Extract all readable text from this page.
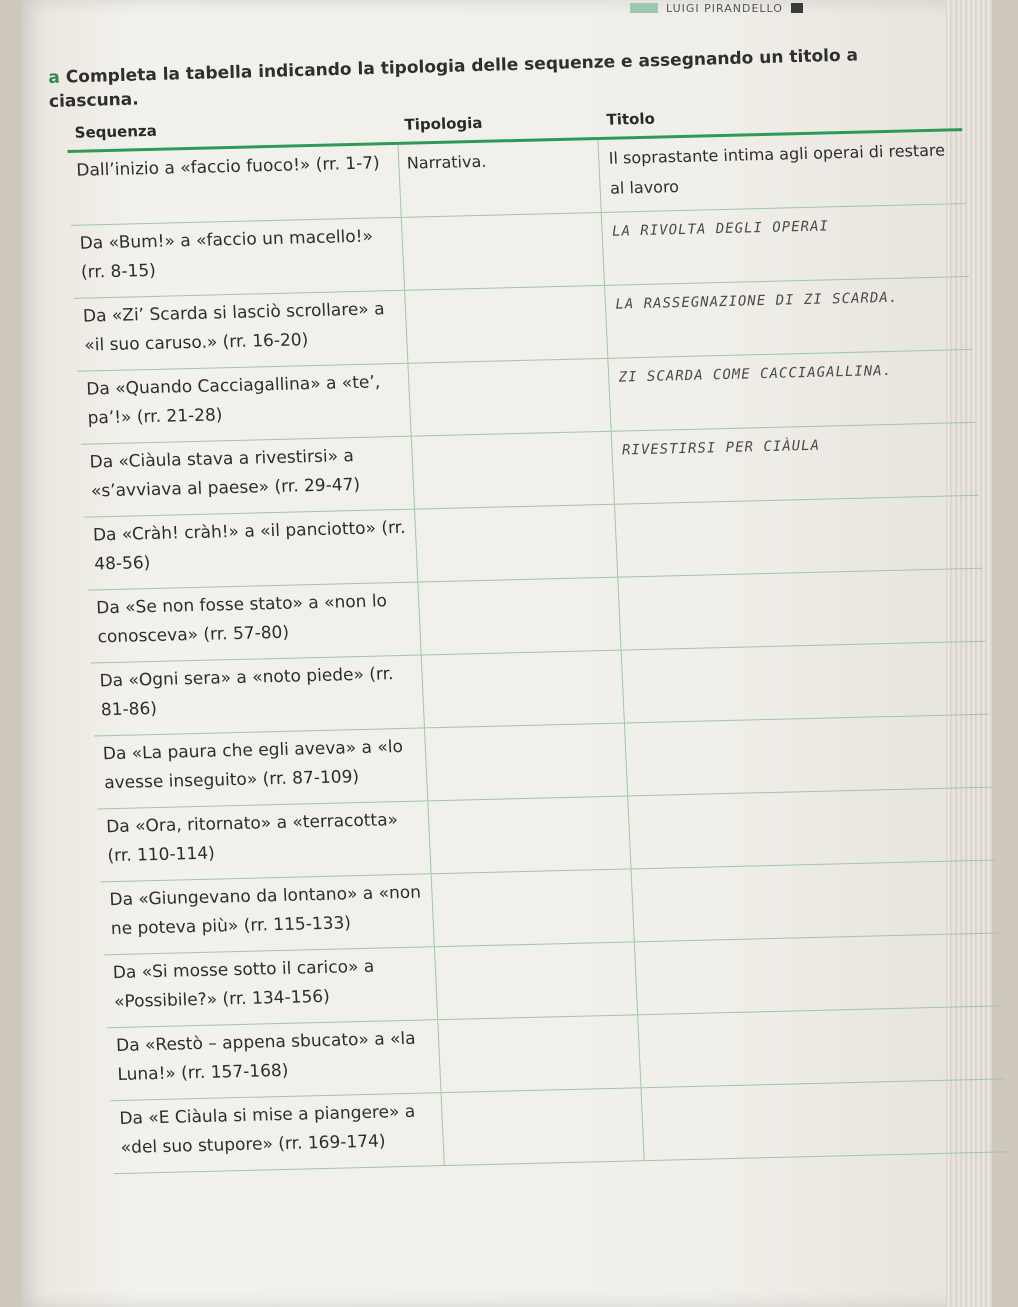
LUIGI PIRANDELLO
a Completa la tabella indicando la tipologia delle sequenze e assegnando un titolo a ciascuna.
Sequenza	Tipologia	Titolo
Dall’inizio a «faccio fuoco!» (rr. 1-7)	Narrativa.	Il soprastante intima agli operai di restare al lavoro
Da «Bum!» a «faccio un macello!» (rr. 8-15)		LA RIVOLTA DEGLI OPERAI
Da «Zi’ Scarda si lasciò scrollare» a «il suo caruso.» (rr. 16-20)		LA RASSEGNAZIONE DI ZI SCARDA.
Da «Quando Cacciagallina» a «te’, pa’!» (rr. 21-28)		ZI SCARDA COME CACCIAGALLINA.
Da «Ciàula stava a rivestirsi» a «s’avviava al paese» (rr. 29-47)		RIVESTIRSI PER CIÀULA
Da «Cràh! cràh!» a «il panciotto» (rr. 48-56)		
Da «Se non fosse stato» a «non lo conosceva» (rr. 57-80)		
Da «Ogni sera» a «noto piede» (rr. 81-86)		
Da «La paura che egli aveva» a «lo avesse inseguito» (rr. 87-109)		
Da «Ora, ritornato» a «terracotta» (rr. 110-114)		
Da «Giungevano da lontano» a «non ne poteva più» (rr. 115-133)		
Da «Si mosse sotto il carico» a «Possibile?» (rr. 134-156)		
Da «Restò – appena sbucato» a «la Luna!» (rr. 157-168)		
Da «E Ciàula si mise a piangere» a «del suo stupore» (rr. 169-174)		
